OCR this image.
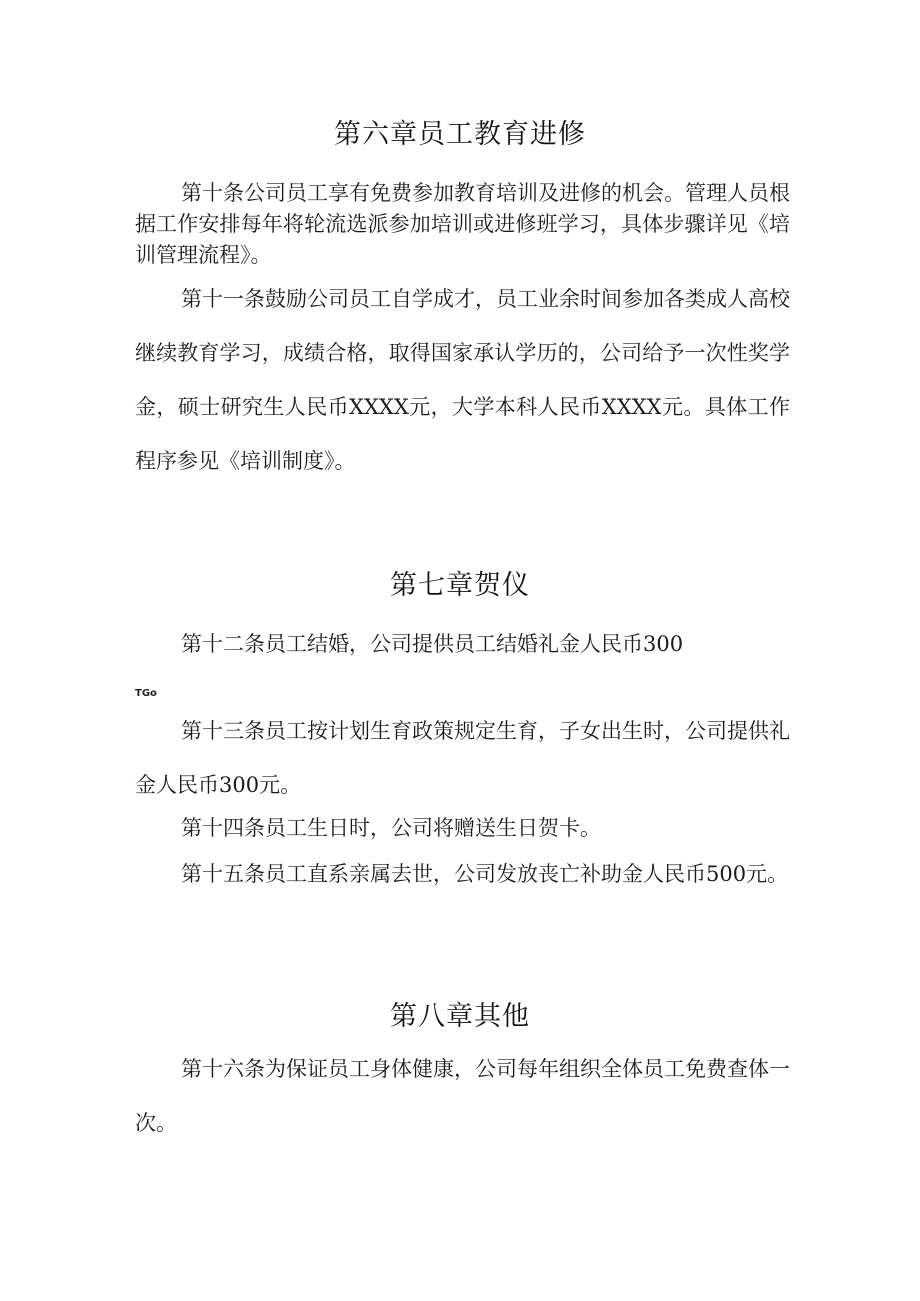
第六章员工教育进修
第十条公司员工享有免费参加教育培训及进修的机会。管理人员根据工作安排每年将轮流选派参加培训或进修班学习，具体步骤详见《培训管理流程》。
第十一条鼓励公司员工自学成才，员工业余时间参加各类成人高校继续教育学习，成绩合格，取得国家承认学历的，公司给予一次性奖学金，硕士研究生人民币XXXX元，大学本科人民币XXXX元。具体工作程序参见《培训制度》。
第七章贺仪
第十二条员工结婚，公司提供员工结婚礼金人民币300
TGo
第十三条员工按计划生育政策规定生育，子女出生时，公司提供礼金人民币300元。
第十四条员工生日时，公司将赠送生日贺卡。
第十五条员工直系亲属去世，公司发放丧亡补助金人民币500元。
第八章其他
第十六条为保证员工身体健康，公司每年组织全体员工免费查体一次。
